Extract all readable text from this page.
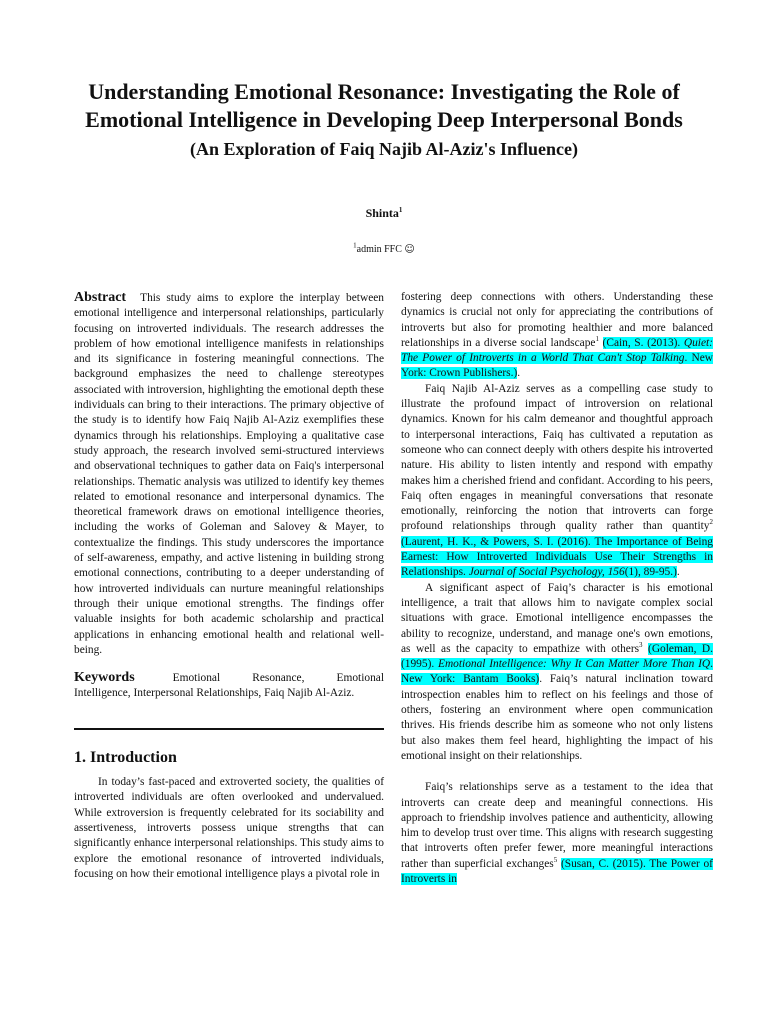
Understanding Emotional Resonance: Investigating the Role of Emotional Intelligence in Developing Deep Interpersonal Bonds
(An Exploration of Faiq Najib Al-Aziz's Influence)
Shinta$^1$
$^1$admin FFC ☺

Abstract This study aims to explore the interplay between emotional intelligence and interpersonal relationships, particularly focusing on introverted individuals. The research addresses the problem of how emotional intelligence manifests in relationships and its significance in fostering meaningful connections. The background emphasizes the need to challenge stereotypes associated with introversion, highlighting the emotional depth these individuals can bring to their interactions. The primary objective of the study is to identify how Faiq Najib Al-Aziz exemplifies these dynamics through his relationships. Employing a qualitative case study approach, the research involved semi-structured interviews and observational techniques to gather data on Faiq's interpersonal relationships. Thematic analysis was utilized to identify key themes related to emotional resonance and interpersonal dynamics. The theoretical framework draws on emotional intelligence theories, including the works of Goleman and Salovey & Mayer, to contextualize the findings. This study underscores the importance of self-awareness, empathy, and active listening in building strong emotional connections, contributing to a deeper understanding of how introverted individuals can nurture meaningful relationships through their unique emotional strengths. The findings offer valuable insights for both academic scholarship and practical applications in enhancing emotional health and relational well-being.

Keywords	Emotional Resonance, Emotional Intelligence, Interpersonal Relationships, Faiq Najib Al-Aziz.

1. Introduction

In today’s fast-paced and extroverted society, the qualities of introverted individuals are often overlooked and undervalued. While extroversion is frequently celebrated for its sociability and assertiveness, introverts possess unique strengths that can significantly enhance interpersonal relationships. This study aims to explore the emotional resonance of introverted individuals, focusing on how their emotional intelligence plays a pivotal role in

fostering deep connections with others. Understanding these dynamics is crucial not only for appreciating the contributions of introverts but also for promoting healthier and more balanced relationships in a diverse social landscape$^1$ (Cain, S. (2013). Quiet: The Power of Introverts in a World That Can't Stop Talking. New York: Crown Publishers.).

Faiq Najib Al-Aziz serves as a compelling case study to illustrate the profound impact of introversion on relational dynamics. Known for his calm demeanor and thoughtful approach to interpersonal interactions, Faiq has cultivated a reputation as someone who can connect deeply with others despite his introverted nature. His ability to listen intently and respond with empathy makes him a cherished friend and confidant. According to his peers, Faiq often engages in meaningful conversations that resonate emotionally, reinforcing the notion that introverts can forge profound relationships through quality rather than quantity$^2$ (Laurent, H. K., & Powers, S. I. (2016). The Importance of Being Earnest: How Introverted Individuals Use Their Strengths in Relationships. Journal of Social Psychology, 156(1), 89-95.).

A significant aspect of Faiq’s character is his emotional intelligence, a trait that allows him to navigate complex social situations with grace. Emotional intelligence encompasses the ability to recognize, understand, and manage one's own emotions, as well as the capacity to empathize with others$^3$ (Goleman, D. (1995). Emotional Intelligence: Why It Can Matter More Than IQ. New York: Bantam Books). Faiq’s natural inclination toward introspection enables him to reflect on his feelings and those of others, fostering an environment where open communication thrives. His friends describe him as someone who not only listens but also makes them feel heard, highlighting the impact of his emotional insight on their relationships.

Faiq’s relationships serve as a testament to the idea that introverts can create deep and meaningful connections. His approach to friendship involves patience and authenticity, allowing him to develop trust over time. This aligns with research suggesting that introverts often prefer fewer, more meaningful interactions rather than superficial exchanges$^5$ (Susan, C. (2015). The Power of Introverts in
